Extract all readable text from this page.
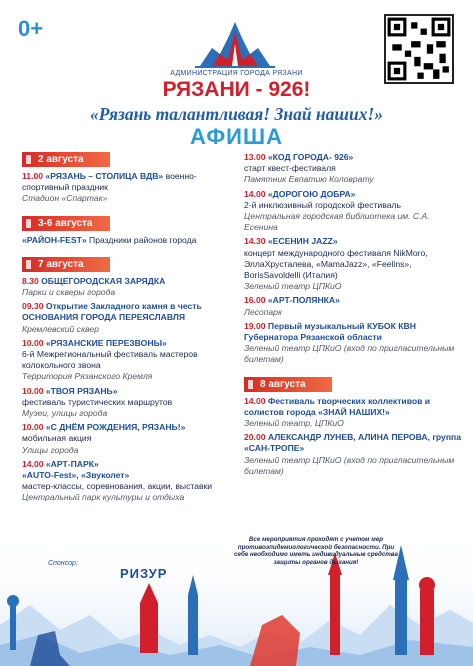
0+
АДМИНИСТРАЦИЯ ГОРОДА РЯЗАНИ
РЯЗАНИ - 926!
«Рязань талантливая! Знай наших!»
АФИША
2 августа
11.00 «РЯЗАНЬ – СТОЛИЦА ВДВ» военно-спортивный праздник
Стадион «Спартак»
3-6 августа
«РАЙОН-FEST» Праздники районов города
7 августа
8.30 ОБЩЕГОРОДСКАЯ ЗАРЯДКА
Парки и скверы города
09.30 Открытие Закладного камня в честь ОСНОВАНИЯ ГОРОДА ПЕРЕЯСЛАВЛЯ
Кремлевский сквер
10.00 «РЯЗАНСКИЕ ПЕРЕЗВОНЫ»
6-й Межрегиональный фестиваль мастеров колокольного звона
Территория Рязанского Кремля
10.00 «ТВОЯ РЯЗАНЬ»
фестиваль туристических маршрутов
Музеи, улицы города
10.00 «С ДНЁМ РОЖДЕНИЯ, РЯЗАНЬ!»
мобильная акция
Улицы города
14.00 «АРТ-ПАРК»
«AUTO-Fest», «Звуколет»
мастер-классы, соревнования, акции, выставки
Центральный парк культуры и отдыха
13.00 «КОД ГОРОДА- 926»
старт квест-фестиваля
Памятник Евпатию Коловрату
14.00 «ДОРОГОЮ ДОБРА»
2-й инклюзивный городской фестиваль
Центральная городская библиотека им. С.А. Есенина
14.30 «ЕСЕНИН JAZZ»
концерт международного фестиваля NikMoro, ЭллаХрусталева, «MamaJazz», «Feelins», BorisSavoldelli (Италия)
Зеленый театр ЦПКиО
16.00 «АРТ-ПОЛЯНКА»
Лесопарк
19.00 Первый музыкальный КУБОК КВН Губернатора Рязанской области
Зеленый театр ЦПКиО (вход по пригласительным билетам)
8 августа
14.00 Фестиваль творческих коллективов и солистов города «ЗНАЙ НАШИХ!»
Зеленый театр, ЦПКиО
20.00 АЛЕКСАНДР ЛУНЕВ, АЛИНА ПЕРОВА, группа «САН-ТРОПЕ»
Зеленый театр ЦПКиО (вход по пригласительным билетам)
Все мероприятия проходят с учетом мер противоэпидемиологической безопасности. При себе необходимо иметь индивидуальные средства защиты органов дыхания!
Спонсор:
РИЗУР
